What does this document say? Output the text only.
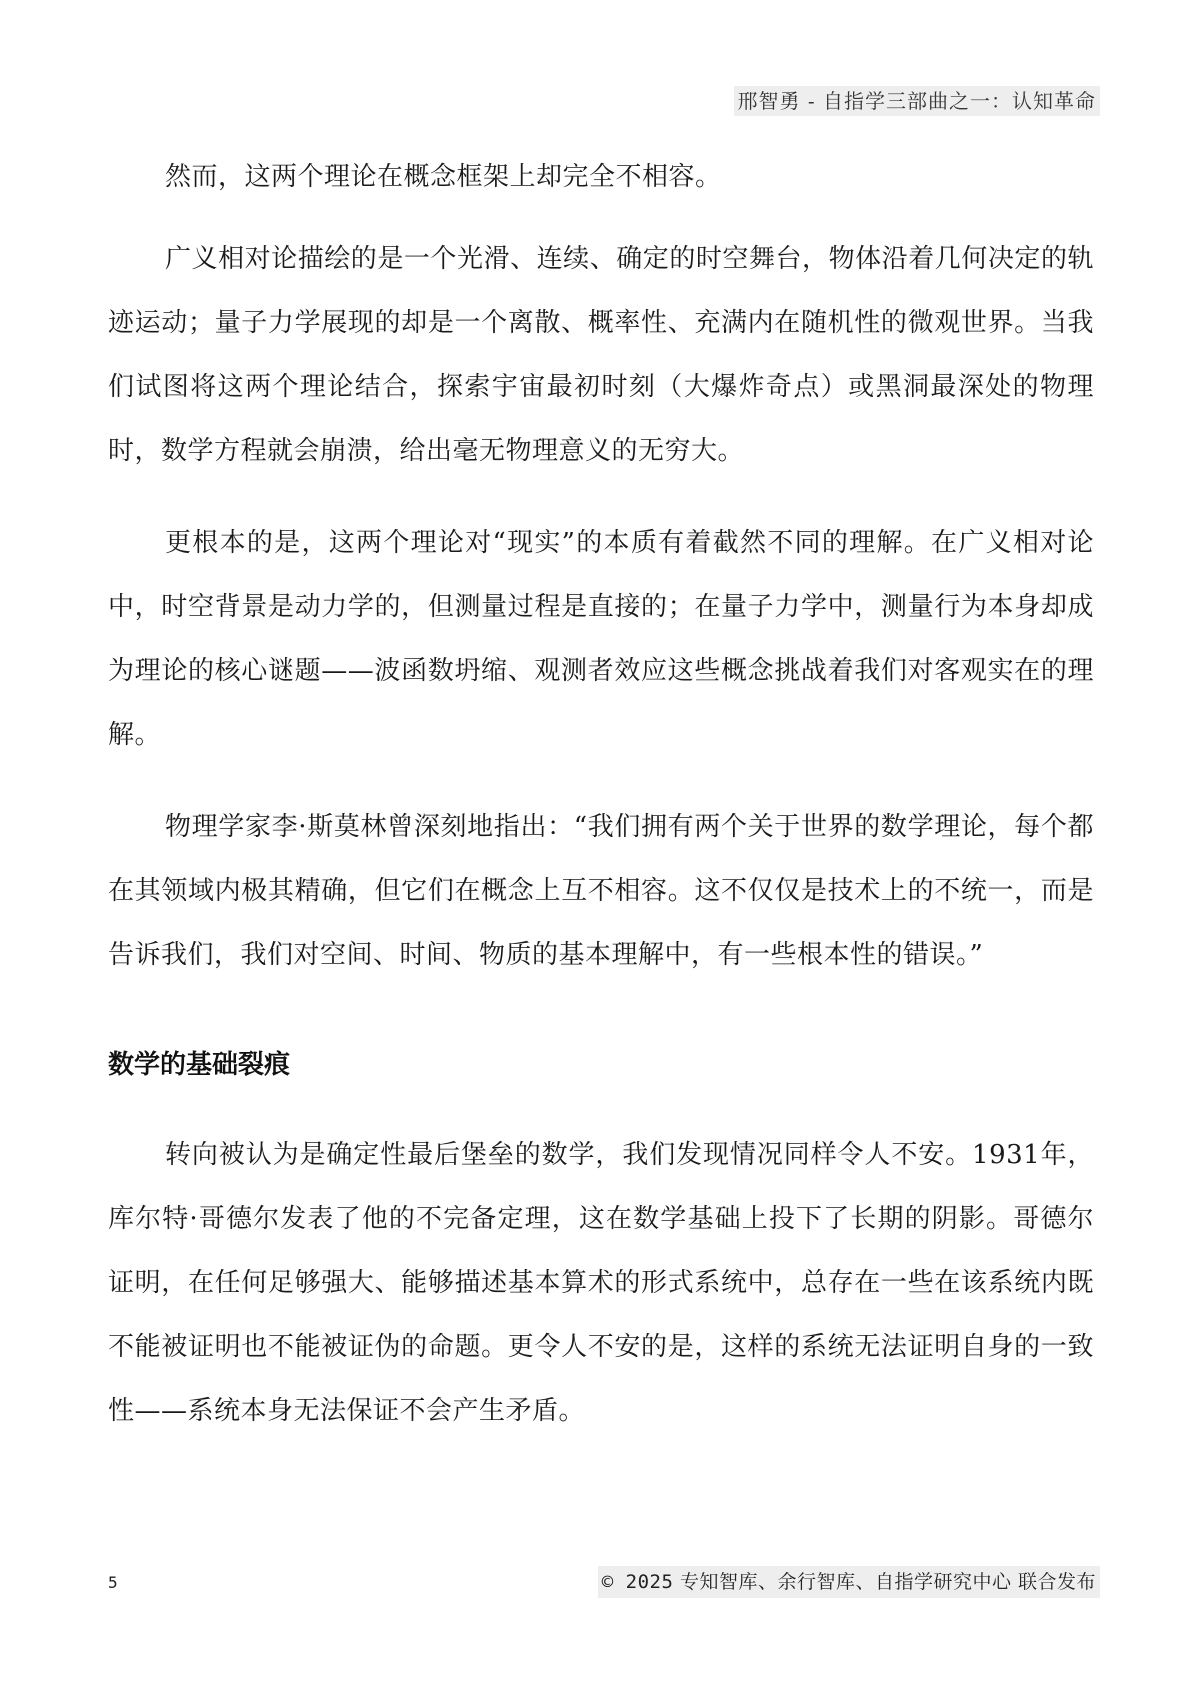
邢智勇 - 自指学三部曲之一：认知革命

然而，这两个理论在概念框架上却完全不相容。

广义相对论描绘的是一个光滑、连续、确定的时空舞台，物体沿着几何决定的轨迹运动；量子力学展现的却是一个离散、概率性、充满内在随机性的微观世界。当我们试图将这两个理论结合，探索宇宙最初时刻（大爆炸奇点）或黑洞最深处的物理时，数学方程就会崩溃，给出毫无物理意义的无穷大。

更根本的是，这两个理论对“现实”的本质有着截然不同的理解。在广义相对论中，时空背景是动力学的，但测量过程是直接的；在量子力学中，测量行为本身却成为理论的核心谜题——波函数坍缩、观测者效应这些概念挑战着我们对客观实在的理解。

物理学家李·斯莫林曾深刻地指出：“我们拥有两个关于世界的数学理论，每个都在其领域内极其精确，但它们在概念上互不相容。这不仅仅是技术上的不统一，而是告诉我们，我们对空间、时间、物质的基本理解中，有一些根本性的错误。”

数学的基础裂痕

转向被认为是确定性最后堡垒的数学，我们发现情况同样令人不安。1931年，库尔特·哥德尔发表了他的不完备定理，这在数学基础上投下了长期的阴影。哥德尔证明，在任何足够强大、能够描述基本算术的形式系统中，总存在一些在该系统内既不能被证明也不能被证伪的命题。更令人不安的是，这样的系统无法证明自身的一致性——系统本身无法保证不会产生矛盾。

5	© 2025 专知智库、余行智库、自指学研究中心 联合发布
